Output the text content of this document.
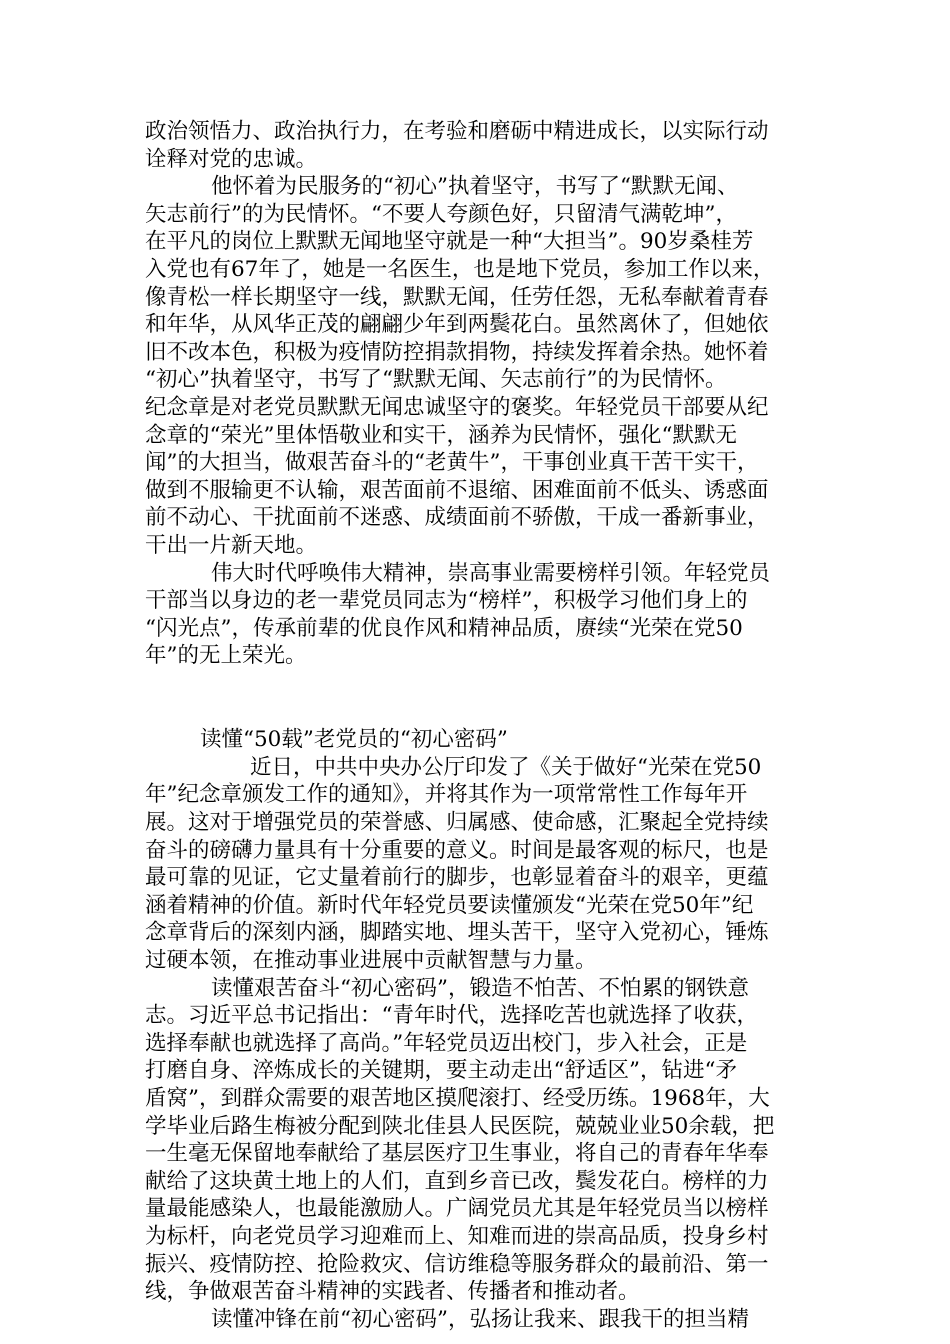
政治领悟力、政治执行力，在考验和磨砺中精进成长，以实际行动
诠释对党的忠诚。
他怀着为民服务的“初心”执着坚守，书写了“默默无闻、
矢志前行”的为民情怀。“不要人夸颜色好，只留清气满乾坤”，
在平凡的岗位上默默无闻地坚守就是一种“大担当”。90岁桑桂芳
入党也有67年了，她是一名医生，也是地下党员，参加工作以来，
像青松一样长期坚守一线，默默无闻，任劳任怨，无私奉献着青春
和年华，从风华正茂的翩翩少年到两鬓花白。虽然离休了，但她依
旧不改本色，积极为疫情防控捐款捐物，持续发挥着余热。她怀着
“初心”执着坚守，书写了“默默无闻、矢志前行”的为民情怀。
纪念章是对老党员默默无闻忠诚坚守的褒奖。年轻党员干部要从纪
念章的“荣光”里体悟敬业和实干，涵养为民情怀，强化“默默无
闻”的大担当，做艰苦奋斗的“老黄牛”，干事创业真干苦干实干，
做到不服输更不认输，艰苦面前不退缩、困难面前不低头、诱惑面
前不动心、干扰面前不迷惑、成绩面前不骄傲，干成一番新事业，
干出一片新天地。
伟大时代呼唤伟大精神，崇高事业需要榜样引领。年轻党员
干部当以身边的老一辈党员同志为“榜样”，积极学习他们身上的
“闪光点”，传承前辈的优良作风和精神品质，赓续“光荣在党50
年”的无上荣光。
读懂“50载”老党员的“初心密码”
近日，中共中央办公厅印发了《关于做好“光荣在党50
年”纪念章颁发工作的通知》，并将其作为一项常常性工作每年开
展。这对于增强党员的荣誉感、归属感、使命感，汇聚起全党持续
奋斗的磅礴力量具有十分重要的意义。时间是最客观的标尺，也是
最可靠的见证，它丈量着前行的脚步，也彰显着奋斗的艰辛，更蕴
涵着精神的价值。新时代年轻党员要读懂颁发“光荣在党50年”纪
念章背后的深刻内涵，脚踏实地、埋头苦干，坚守入党初心，锤炼
过硬本领，在推动事业进展中贡献智慧与力量。
读懂艰苦奋斗“初心密码”，锻造不怕苦、不怕累的钢铁意
志。习近平总书记指出：“青年时代，选择吃苦也就选择了收获，
选择奉献也就选择了高尚。”年轻党员迈出校门，步入社会，正是
打磨自身、淬炼成长的关键期，要主动走出“舒适区”，钻进“矛
盾窝”，到群众需要的艰苦地区摸爬滚打、经受历练。1968年，大
学毕业后路生梅被分配到陕北佳县人民医院，兢兢业业50余载，把
一生毫无保留地奉献给了基层医疗卫生事业，将自己的青春年华奉
献给了这块黄土地上的人们，直到乡音已改，鬓发花白。榜样的力
量最能感染人，也最能激励人。广阔党员尤其是年轻党员当以榜样
为标杆，向老党员学习迎难而上、知难而进的崇高品质，投身乡村
振兴、疫情防控、抢险救灾、信访维稳等服务群众的最前沿、第一
线，争做艰苦奋斗精神的实践者、传播者和推动者。
读懂冲锋在前“初心密码”，弘扬让我来、跟我干的担当精
